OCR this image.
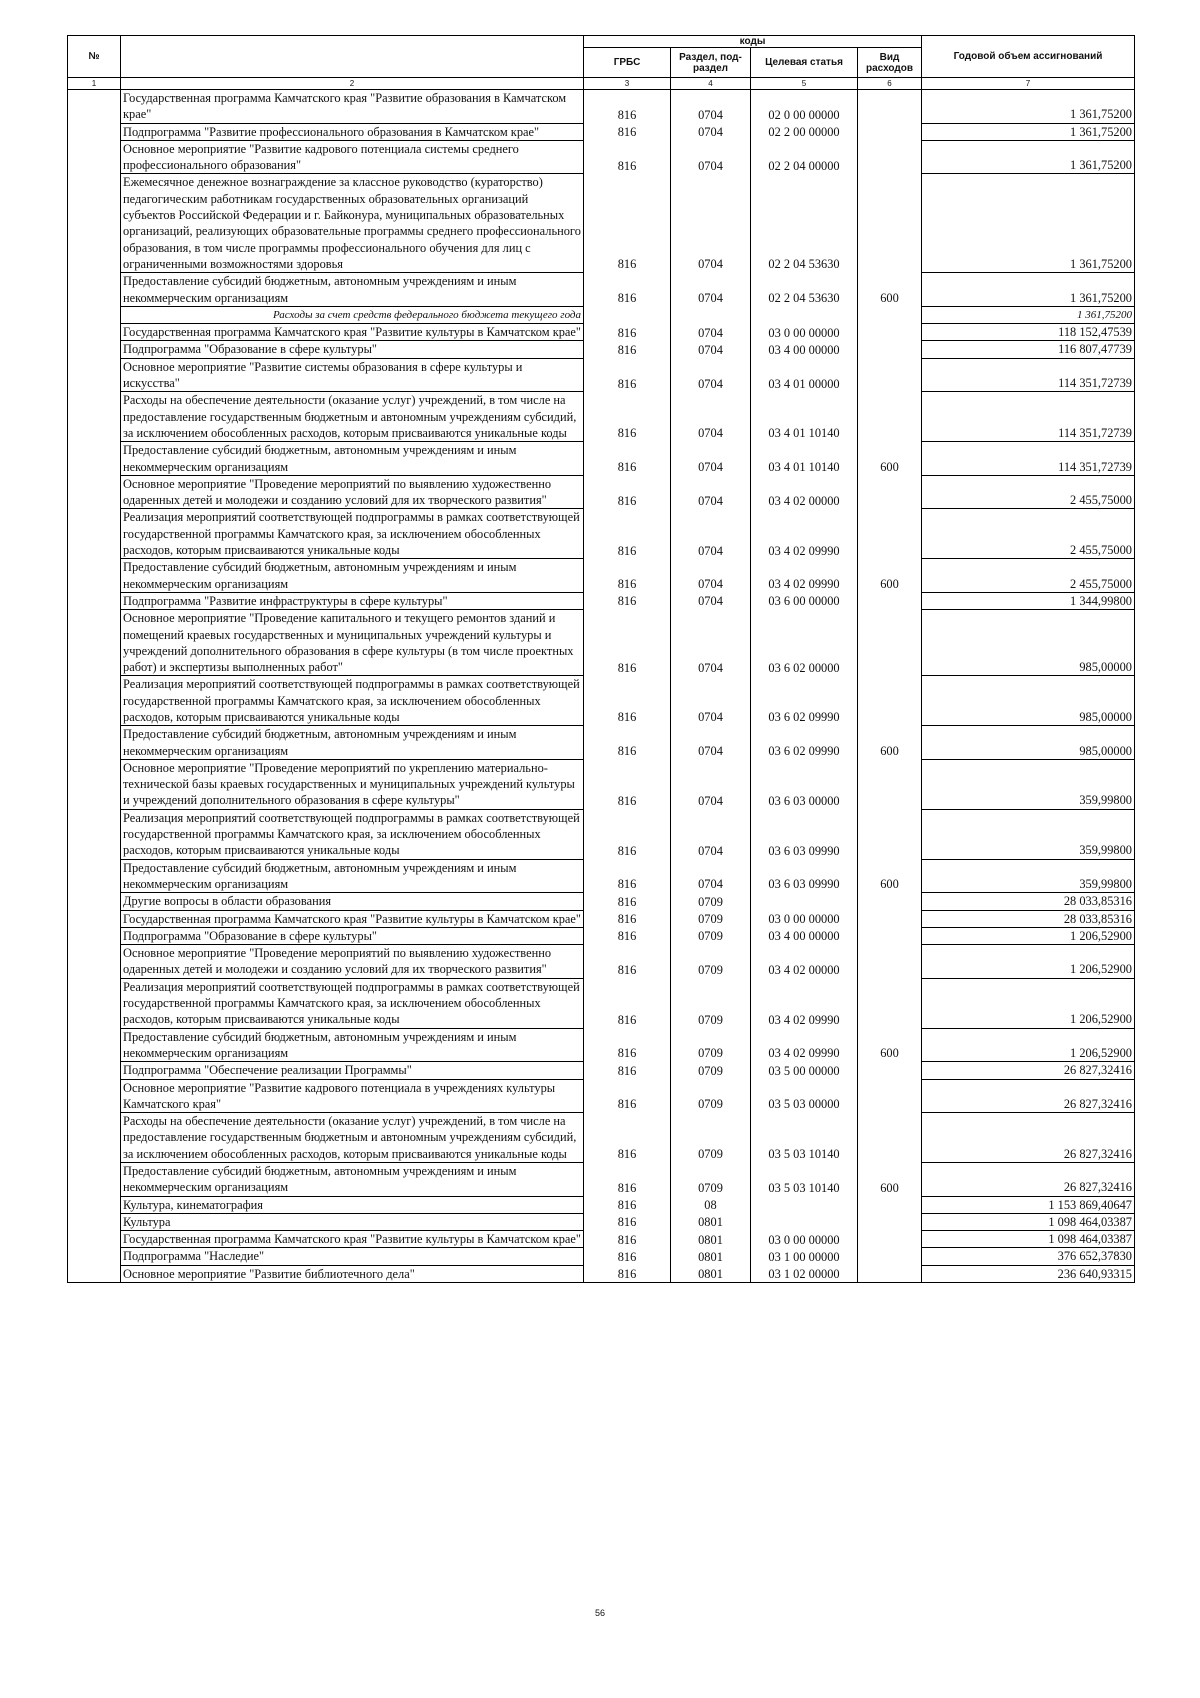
№		коды				Годовой объем ассигнований
		ГРБС	Раздел, под-раздел	Целевая статья	Вид расходов	
1	2	3	4	5	6	7
	Государственная программа Камчатского края "Развитие образования в Камчатском крае"	816	0704	02 0 00 00000		1 361,75200
	Подпрограмма "Развитие профессионального образования в Камчатском крае"	816	0704	02 2 00 00000		1 361,75200
	Основное мероприятие "Развитие кадрового потенциала системы среднего профессионального образования"	816	0704	02 2 04 00000		1 361,75200
	Ежемесячное денежное вознаграждение за классное руководство (кураторство) педагогическим работникам государственных образовательных организаций субъектов Российской Федерации и г. Байконура, муниципальных образовательных организаций, реализующих образовательные программы среднего профессионального образования, в том числе программы профессионального обучения для лиц с ограниченными возможностями здоровья	816	0704	02 2 04 53630		1 361,75200
	Предоставление субсидий бюджетным, автономным учреждениям и иным некоммерческим организациям	816	0704	02 2 04 53630	600	1 361,75200
	Расходы за счет средств федерального бюджета текущего года					1 361,75200
	Государственная программа Камчатского края "Развитие культуры в Камчатском крае"	816	0704	03 0 00 00000		118 152,47539
	Подпрограмма "Образование в сфере культуры"	816	0704	03 4 00 00000		116 807,47739
	Основное мероприятие "Развитие системы образования в сфере культуры и искусства"	816	0704	03 4 01 00000		114 351,72739
	Расходы на обеспечение деятельности (оказание услуг) учреждений, в том числе на предоставление государственным бюджетным и автономным учреждениям субсидий, за исключением обособленных расходов, которым присваиваются уникальные коды	816	0704	03 4 01 10140		114 351,72739
	Предоставление субсидий бюджетным, автономным учреждениям и иным некоммерческим организациям	816	0704	03 4 01 10140	600	114 351,72739
	Основное мероприятие "Проведение мероприятий по выявлению художественно одаренных детей и молодежи и созданию условий для их творческого развития"	816	0704	03 4 02 00000		2 455,75000
	Реализация мероприятий соответствующей подпрограммы в рамках соответствующей государственной программы Камчатского края, за исключением обособленных расходов, которым присваиваются уникальные коды	816	0704	03 4 02 09990		2 455,75000
	Предоставление субсидий бюджетным, автономным учреждениям и иным некоммерческим организациям	816	0704	03 4 02 09990	600	2 455,75000
	Подпрограмма "Развитие инфраструктуры в сфере культуры"	816	0704	03 6 00 00000		1 344,99800
	Основное мероприятие "Проведение капитального и текущего ремонтов зданий и помещений краевых государственных и муниципальных учреждений культуры и учреждений дополнительного образования в сфере культуры (в том числе проектных работ) и экспертизы выполненных работ"	816	0704	03 6 02 00000		985,00000
	Реализация мероприятий соответствующей подпрограммы в рамках соответствующей государственной программы Камчатского края, за исключением обособленных расходов, которым присваиваются уникальные коды	816	0704	03 6 02 09990		985,00000
	Предоставление субсидий бюджетным, автономным учреждениям и иным некоммерческим организациям	816	0704	03 6 02 09990	600	985,00000
	Основное мероприятие "Проведение мероприятий по укреплению материально-технической базы краевых государственных и муниципальных учреждений культуры и учреждений дополнительного образования в сфере культуры"	816	0704	03 6 03 00000		359,99800
	Реализация мероприятий соответствующей подпрограммы в рамках соответствующей государственной программы Камчатского края, за исключением обособленных расходов, которым присваиваются уникальные коды	816	0704	03 6 03 09990		359,99800
	Предоставление субсидий бюджетным, автономным учреждениям и иным некоммерческим организациям	816	0704	03 6 03 09990	600	359,99800
	Другие вопросы в области образования	816	0709			28 033,85316
	Государственная программа Камчатского края "Развитие культуры в Камчатском крае"	816	0709	03 0 00 00000		28 033,85316
	Подпрограмма "Образование в сфере культуры"	816	0709	03 4 00 00000		1 206,52900
	Основное мероприятие "Проведение мероприятий по выявлению художественно одаренных детей и молодежи и созданию условий для их творческого развития"	816	0709	03 4 02 00000		1 206,52900
	Реализация мероприятий соответствующей подпрограммы в рамках соответствующей государственной программы Камчатского края, за исключением обособленных расходов, которым присваиваются уникальные коды	816	0709	03 4 02 09990		1 206,52900
	Предоставление субсидий бюджетным, автономным учреждениям и иным некоммерческим организациям	816	0709	03 4 02 09990	600	1 206,52900
	Подпрограмма "Обеспечение реализации Программы"	816	0709	03 5 00 00000		26 827,32416
	Основное мероприятие "Развитие кадрового потенциала в учреждениях культуры Камчатского края"	816	0709	03 5 03 00000		26 827,32416
	Расходы на обеспечение деятельности (оказание услуг) учреждений, в том числе на предоставление государственным бюджетным и автономным учреждениям субсидий, за исключением обособленных расходов, которым присваиваются уникальные коды	816	0709	03 5 03 10140		26 827,32416
	Предоставление субсидий бюджетным, автономным учреждениям и иным некоммерческим организациям	816	0709	03 5 03 10140	600	26 827,32416
	Культура, кинематография	816	08			1 153 869,40647
	Культура	816	0801			1 098 464,03387
	Государственная программа Камчатского края "Развитие культуры в Камчатском крае"	816	0801	03 0 00 00000		1 098 464,03387
	Подпрограмма "Наследие"	816	0801	03 1 00 00000		376 652,37830
	Основное мероприятие "Развитие библиотечного дела"	816	0801	03 1 02 00000		236 640,93315
56
